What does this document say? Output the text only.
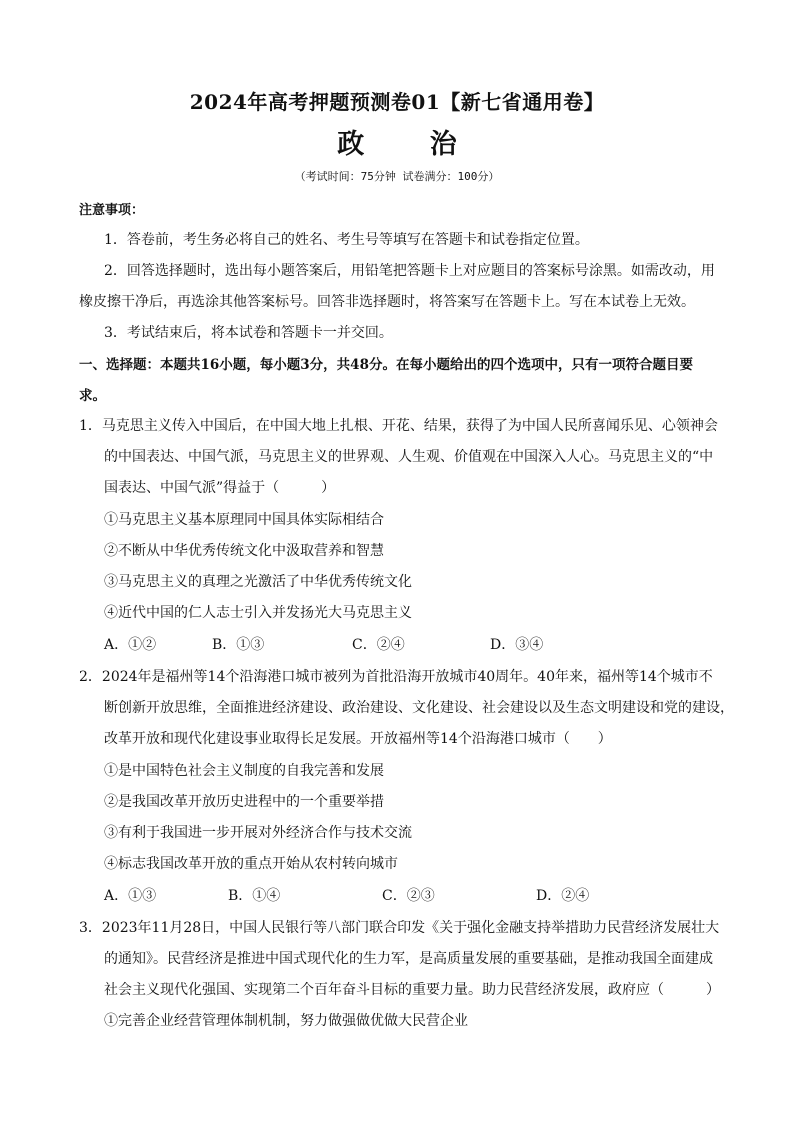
2024年高考押题预测卷01【新七省通用卷】
政 治
（考试时间：75分钟 试卷满分：100分）
注意事项：
1．答卷前，考生务必将自己的姓名、考生号等填写在答题卡和试卷指定位置。
2．回答选择题时，选出每小题答案后，用铅笔把答题卡上对应题目的答案标号涂黑。如需改动，用
橡皮擦干净后，再选涂其他答案标号。回答非选择题时，将答案写在答题卡上。写在本试卷上无效。
3．考试结束后，将本试卷和答题卡一并交回。
一、选择题：本题共16小题，每小题3分，共48分。在每小题给出的四个选项中，只有一项符合题目要
求。
1．马克思主义传入中国后，在中国大地上扎根、开花、结果，获得了为中国人民所喜闻乐见、心领神会
的中国表达、中国气派，马克思主义的世界观、人生观、价值观在中国深入人心。马克思主义的“中
国表达、中国气派”得益于（　　　）
①马克思主义基本原理同中国具体实际相结合
②不断从中华优秀传统文化中汲取营养和智慧
③马克思主义的真理之光激活了中华优秀传统文化
④近代中国的仁人志士引入并发扬光大马克思主义
A．①②	B．①③	C．②④	D．③④
2．2024年是福州等14个沿海港口城市被列为首批沿海开放城市40周年。40年来，福州等14个城市不
断创新开放思维，全面推进经济建设、政治建设、文化建设、社会建设以及生态文明建设和党的建设，
改革开放和现代化建设事业取得长足发展。开放福州等14个沿海港口城市（　　）
①是中国特色社会主义制度的自我完善和发展
②是我国改革开放历史进程中的一个重要举措
③有利于我国进一步开展对外经济合作与技术交流
④标志我国改革开放的重点开始从农村转向城市
A．①③	B．①④	C．②③	D．②④
3．2023年11月28日，中国人民银行等八部门联合印发《关于强化金融支持举措助力民营经济发展壮大
的通知》。民营经济是推进中国式现代化的生力军，是高质量发展的重要基础，是推动我国全面建成
社会主义现代化强国、实现第二个百年奋斗目标的重要力量。助力民营经济发展，政府应（　　　）
①完善企业经营管理体制机制，努力做强做优做大民营企业
